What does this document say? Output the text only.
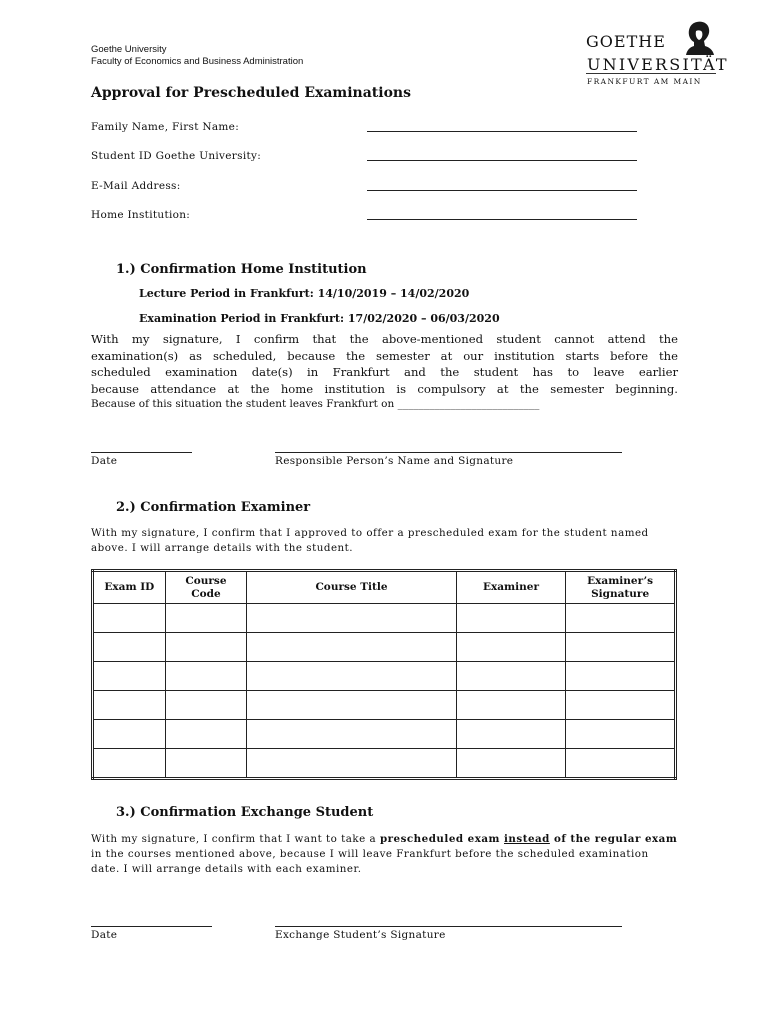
Goethe University
Faculty of Economics and Business Administration
GOETHE
UNIVERSITÄT
FRANKFURT AM MAIN
Approval for Prescheduled Examinations
Family Name, First Name:
Student ID Goethe University:
E-Mail Address:
Home Institution:
1.) Confirmation Home Institution
Lecture Period in Frankfurt: 14/10/2019 – 14/02/2020
Examination Period in Frankfurt: 17/02/2020 – 06/03/2020
With my signature, I confirm that the above-mentioned student cannot attend the
examination(s) as scheduled, because the semester at our institution starts before the
scheduled examination date(s) in Frankfurt and the student has to leave earlier
because attendance at the home institution is compulsory at the semester beginning.
Because of this situation the student leaves Frankfurt on ___________________________
Date	Responsible Person’s Name and Signature
2.) Confirmation Examiner
With my signature, I confirm that I approved to offer a prescheduled exam for the student named above. I will arrange details with the student.
Exam ID	Course Code	Course Title	Examiner	Examiner’s Signature

3.) Confirmation Exchange Student
With my signature, I confirm that I want to take a prescheduled exam instead of the regular exam in the courses mentioned above, because I will leave Frankfurt before the scheduled examination date. I will arrange details with each examiner.
Date	Exchange Student’s Signature
